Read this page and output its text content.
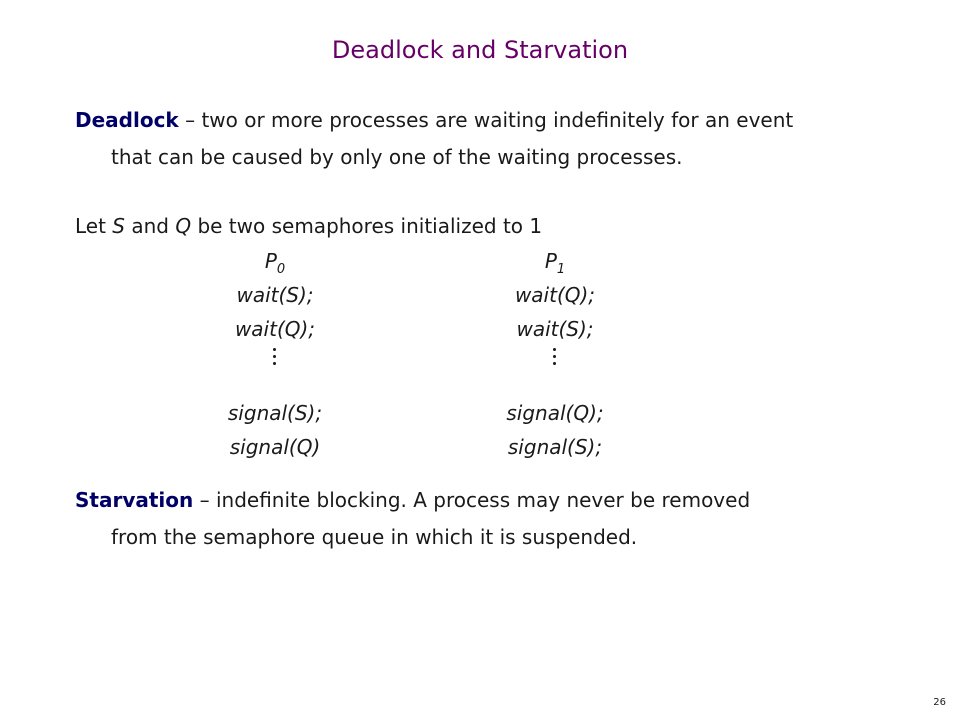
Deadlock and Starvation
Deadlock – two or more processes are waiting indefinitely for an event
that can be caused by only one of the waiting processes.
Let S and Q be two semaphores initialized to 1
$P_0$
wait(S);
wait(Q);
signal(S);
signal(Q)
$P_1$
wait(Q);
wait(S);
signal(Q);
signal(S);
Starvation – indefinite blocking. A process may never be removed
from the semaphore queue in which it is suspended.
26
